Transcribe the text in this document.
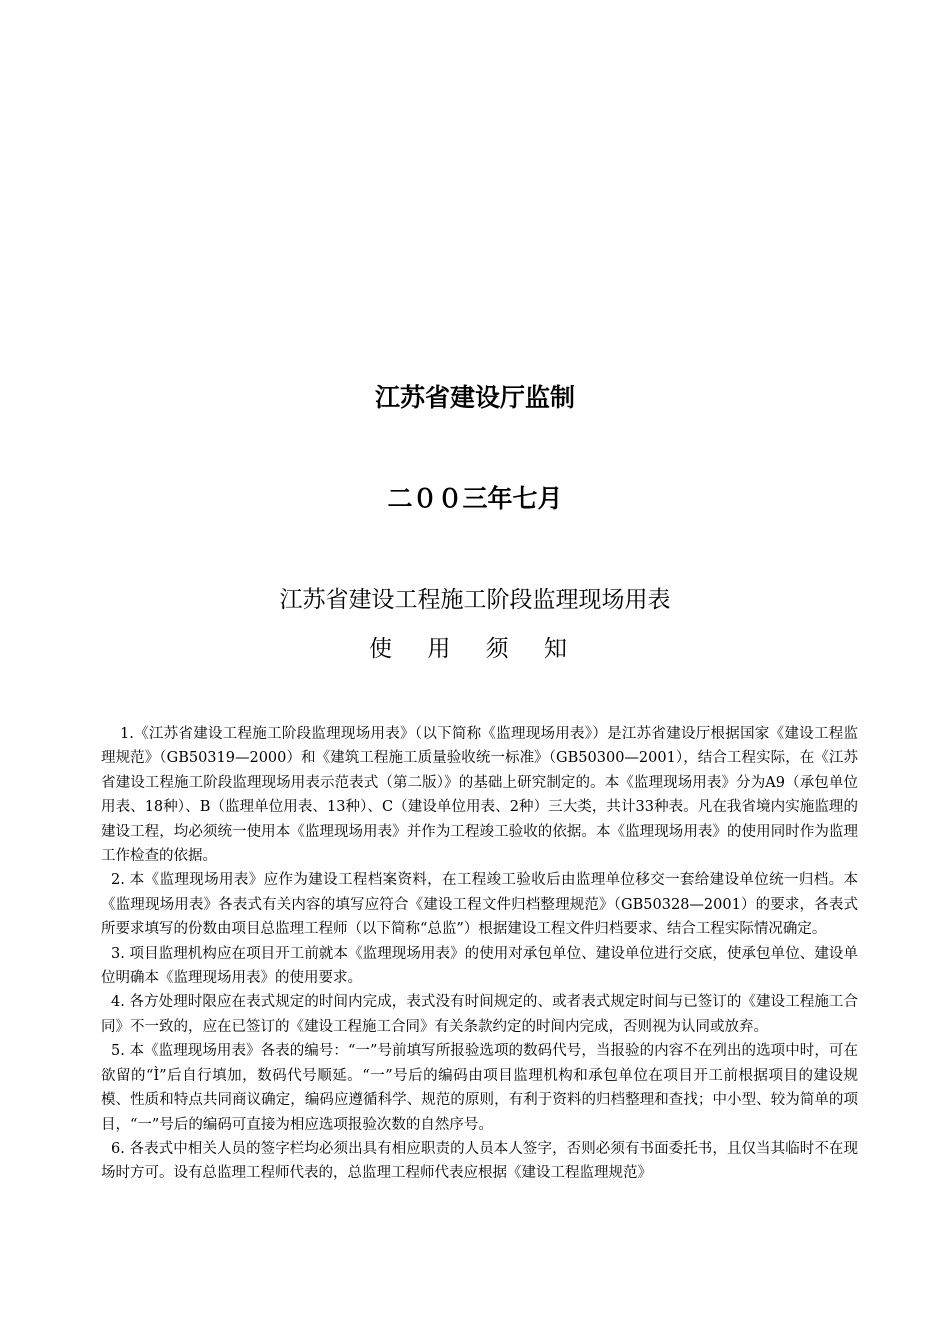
江苏省建设厅监制
二００三年七月
江苏省建设工程施工阶段监理现场用表
使 用 须 知

1.《江苏省建设工程施工阶段监理现场用表》（以下简称《监理现场用表》）是江苏省建设厅根据国家《建设工程监理规范》（GB50319—2000）和《建筑工程施工质量验收统一标准》（GB50300—2001），结合工程实际，在《江苏省建设工程施工阶段监理现场用表示范表式（第二版）》的基础上研究制定的。本《监理现场用表》分为A9（承包单位用表、18种）、B（监理单位用表、13种）、C（建设单位用表、2种）三大类，共计33种表。凡在我省境内实施监理的建设工程，均必须统一使用本《监理现场用表》并作为工程竣工验收的依据。本《监理现场用表》的使用同时作为监理工作检查的依据。

2. 本《监理现场用表》应作为建设工程档案资料，在工程竣工验收后由监理单位移交一套给建设单位统一归档。本《监理现场用表》各表式有关内容的填写应符合《建设工程文件归档整理规范》（GB50328—2001）的要求，各表式所要求填写的份数由项目总监理工程师（以下简称“总监”）根据建设工程文件归档要求、结合工程实际情况确定。

3. 项目监理机构应在项目开工前就本《监理现场用表》的使用对承包单位、建设单位进行交底，使承包单位、建设单位明确本《监理现场用表》的使用要求。

4. 各方处理时限应在表式规定的时间内完成，表式没有时间规定的、或者表式规定时间与已签订的《建设工程施工合同》不一致的，应在已签订的《建设工程施工合同》有关条款约定的时间内完成，否则视为认同或放弃。

5. 本《监理现场用表》各表的编号：“一”号前填写所报验选项的数码代号，当报验的内容不在列出的选项中时，可在欲留的“Ì”后自行填加，数码代号顺延。“一”号后的编码由项目监理机构和承包单位在项目开工前根据项目的建设规模、性质和特点共同商议确定，编码应遵循科学、规范的原则，有利于资料的归档整理和查找；中小型、较为简单的项目，“一”号后的编码可直接为相应选项报验次数的自然序号。

6. 各表式中相关人员的签字栏均必须出具有相应职责的人员本人签字，否则必须有书面委托书，且仅当其临时不在现场时方可。设有总监理工程师代表的，总监理工程师代表应根据《建设工程监理规范》
